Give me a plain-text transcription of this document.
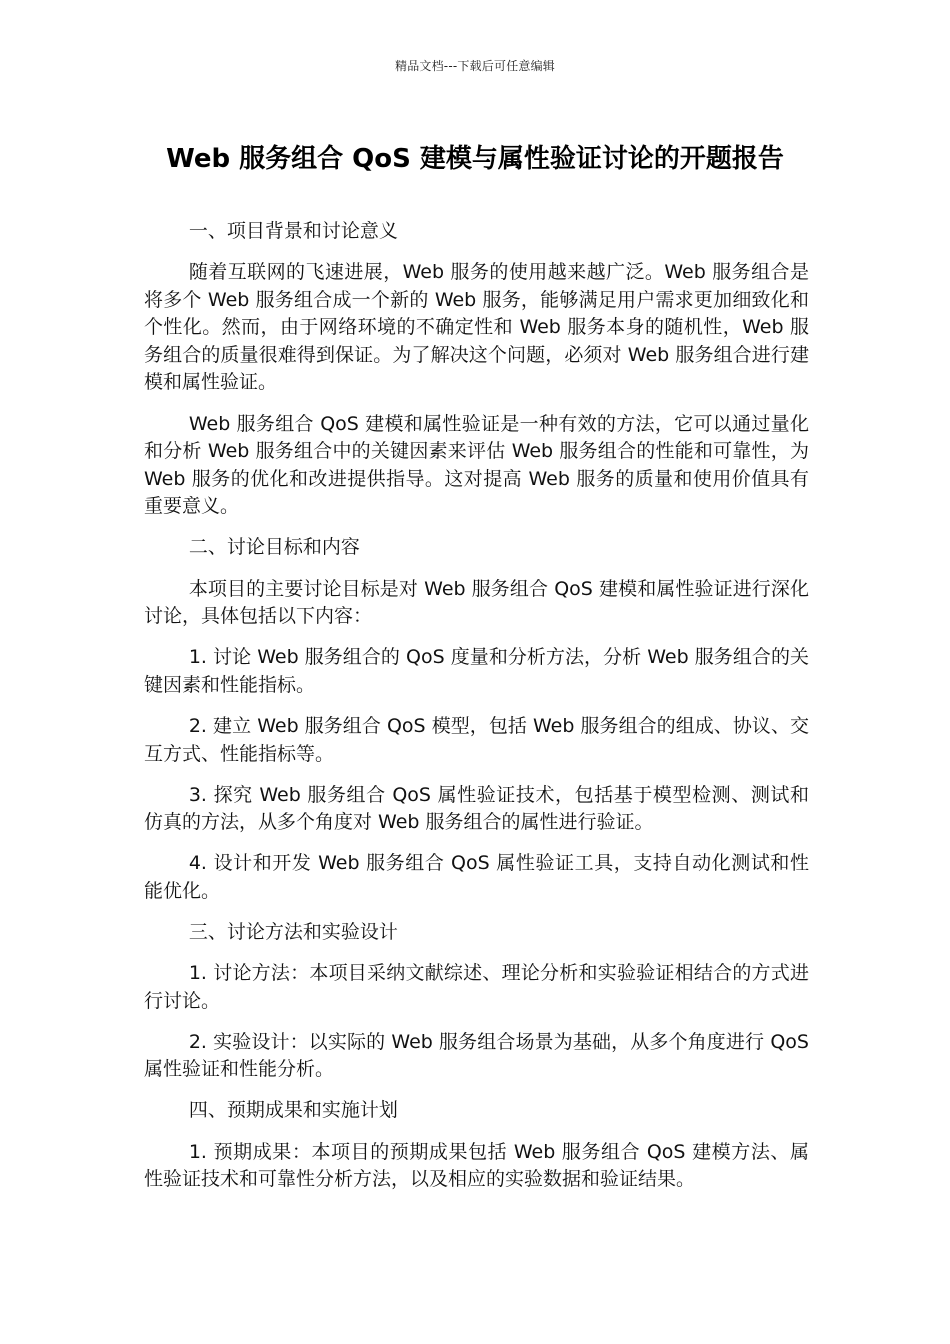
精品文档---下载后可任意编辑
Web 服务组合 QoS 建模与属性验证讨论的开题报告
一、项目背景和讨论意义

随着互联网的飞速进展，Web 服务的使用越来越广泛。Web 服务组合是将多个 Web 服务组合成一个新的 Web 服务，能够满足用户需求更加细致化和个性化。然而，由于网络环境的不确定性和 Web 服务本身的随机性，Web 服务组合的质量很难得到保证。为了解决这个问题，必须对 Web 服务组合进行建模和属性验证。

Web 服务组合 QoS 建模和属性验证是一种有效的方法，它可以通过量化和分析 Web 服务组合中的关键因素来评估 Web 服务组合的性能和可靠性，为 Web 服务的优化和改进提供指导。这对提高 Web 服务的质量和使用价值具有重要意义。

二、讨论目标和内容

本项目的主要讨论目标是对 Web 服务组合 QoS 建模和属性验证进行深化讨论，具体包括以下内容：

1. 讨论 Web 服务组合的 QoS 度量和分析方法，分析 Web 服务组合的关键因素和性能指标。

2. 建立 Web 服务组合 QoS 模型，包括 Web 服务组合的组成、协议、交互方式、性能指标等。

3. 探究 Web 服务组合 QoS 属性验证技术，包括基于模型检测、测试和仿真的方法，从多个角度对 Web 服务组合的属性进行验证。

4. 设计和开发 Web 服务组合 QoS 属性验证工具，支持自动化测试和性能优化。

三、讨论方法和实验设计

1. 讨论方法：本项目采纳文献综述、理论分析和实验验证相结合的方式进行讨论。

2. 实验设计：以实际的 Web 服务组合场景为基础，从多个角度进行 QoS 属性验证和性能分析。

四、预期成果和实施计划

1. 预期成果：本项目的预期成果包括 Web 服务组合 QoS 建模方法、属性验证技术和可靠性分析方法，以及相应的实验数据和验证结果。
